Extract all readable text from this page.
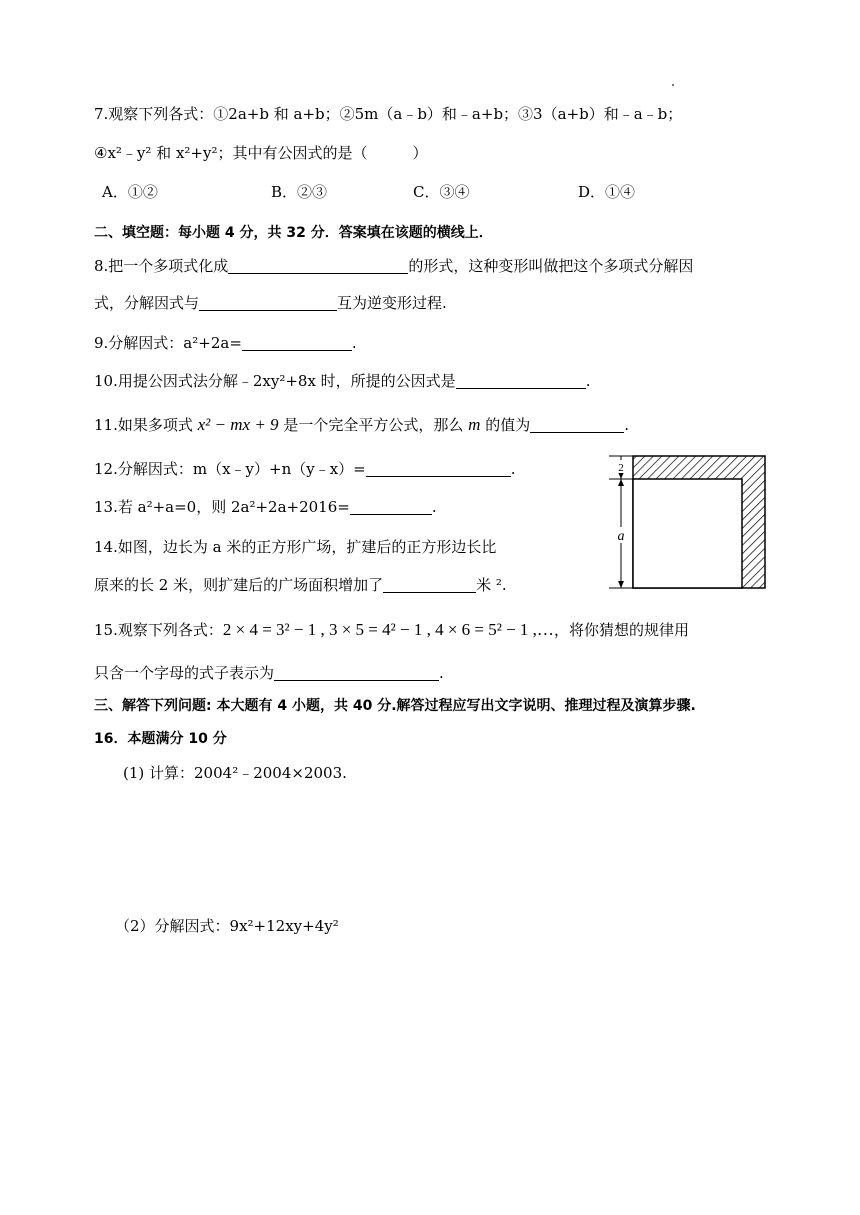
7.观察下列各式：①2a+b 和 a+b；②5m（a﹣b）和﹣a+b；③3（a+b）和﹣a﹣b；
④x²﹣y² 和 x²+y²；其中有公因式的是（　　　）
A．①②	B．②③	C．③④	D．①④
二、填空题：每小题 4 分，共 32 分．答案填在该题的横线上．
8.把一个多项式化成	的形式，这种变形叫做把这个多项式分解因
式，分解因式与	互为逆变形过程.
9.分解因式：a²+2a=	.
10.用提公因式法分解﹣2xy²+8x 时，所提的公因式是	.
11.如果多项式 x² − mx + 9 是一个完全平方公式，那么 m 的值为	.
12.分解因式：m（x﹣y）+n（y﹣x）=	.
13.若 a²+a=0，则 2a²+2a+2016=	.
14.如图，边长为 a 米的正方形广场，扩建后的正方形边长比
原来的长 2 米，则扩建后的广场面积增加了	米 ².
2
a
15.观察下列各式：2 × 4 = 3² − 1 , 3 × 5 = 4² − 1 , 4 × 6 = 5² − 1 ,…，将你猜想的规律用
只含一个字母的式子表示为	.
三、解答下列问题: 本大题有 4 小题，共 40 分.解答过程应写出文字说明、推理过程及演算步骤.
16．本题满分 10 分
(1) 计算：2004²﹣2004×2003.
（2）分解因式：9x²+12xy+4y²
